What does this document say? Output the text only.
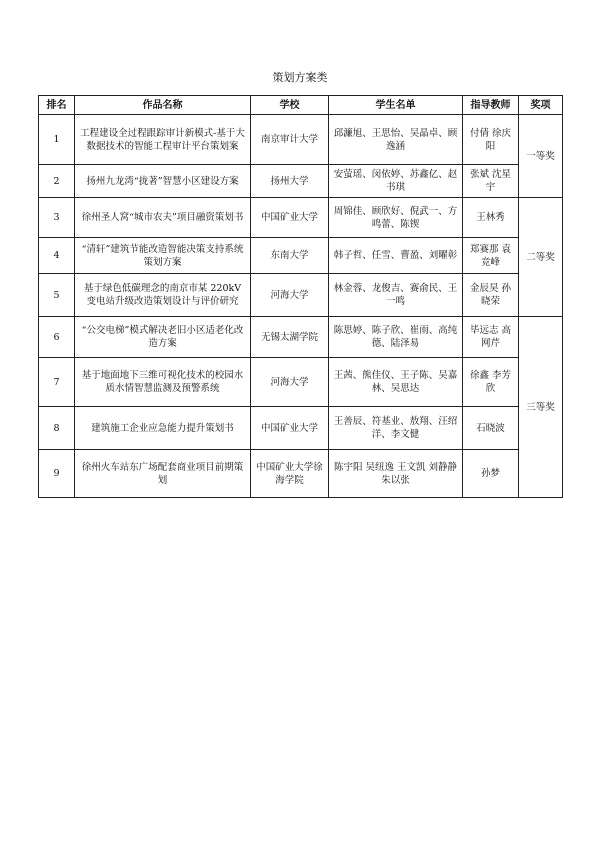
策划方案类
排名	作品名称	学校	学生名单	指导教师	奖项
1	工程建设全过程跟踪审计新模式-基于大数据技术的智能工程审计平台策划案	南京审计大学	邱濂旭、王思怡、吴晶卓、顾逸涵	付倩 徐庆阳	一等奖
2	扬州九龙湾“拢著”智慧小区建设方案	扬州大学	安萤瑶、闵依婷、苏鑫亿、赵书琪	张斌 沈星宇	
3	徐州圣人窝“城市农夫”项目融资策划书	中国矿业大学	周锦佳、顾欣好、倪武一、方鸣蕾、陈锲	王林秀	二等奖
4	“清轩”建筑节能改造智能决策支持系统策划方案	东南大学	韩子哲、任雪、曹盈、刘曜彰	郑赛那 袁竞峰	
5	基于绿色低碳理念的南京市某 220kV 变电站升级改造策划设计与评价研究	河海大学	林金蓉、龙俊吉、赛俞民、王一鸣	金辰昊 孙晓荣	
6	“公交电梯”模式解决老旧小区适老化改造方案	无锡太湖学院	陈思婷、陈子欣、崔雨、高纯德、陆泽易	毕远志 高网芹	三等奖
7	基于地面地下三维可视化技术的校园水质水情智慧监测及预警系统	河海大学	王茜、熊佳仪、王子陈、吴嘉林、吴思达	徐鑫 李芳欣	
8	建筑施工企业应急能力提升策划书	中国矿业大学	王善辰、符基业、敖翔、汪绍洋、李文健	石晓波	
9	徐州火车站东广场配套商业项目前期策划	中国矿业大学徐海学院	陈宇阳 吴纽逸 王文凯 刘静静 朱以张	孙梦	
